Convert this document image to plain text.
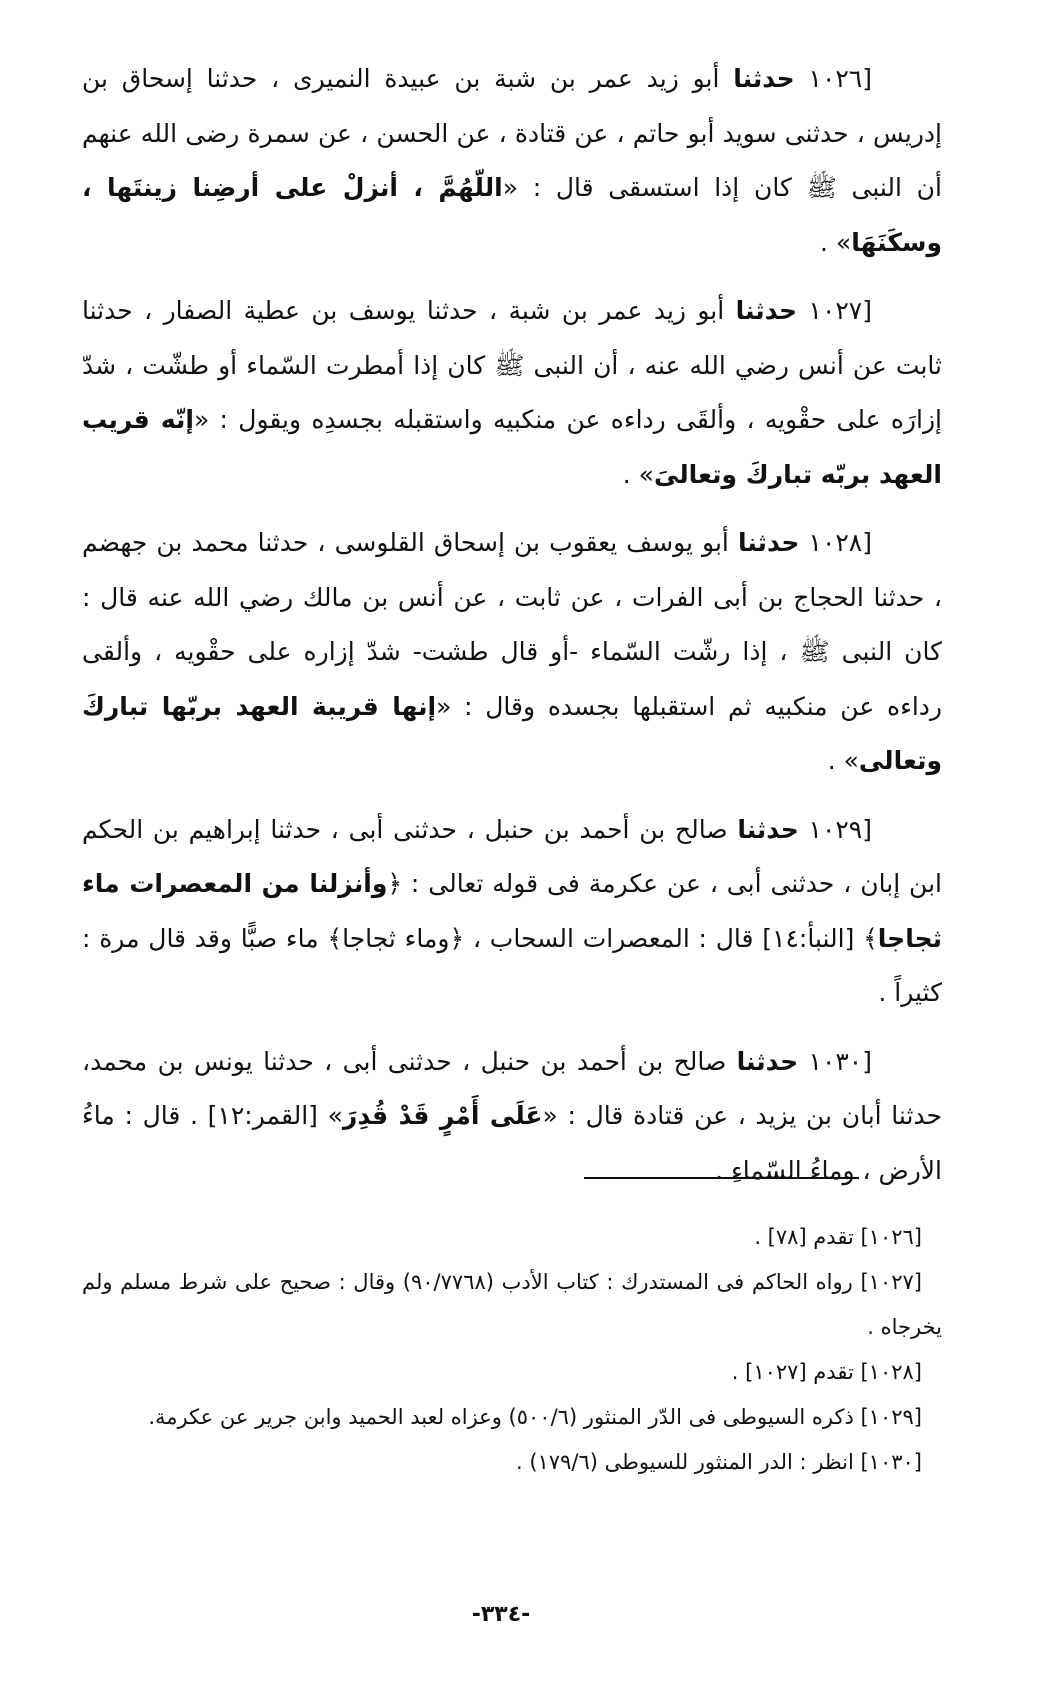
[١٠٢٦ حدثنا أبو زيد عمر بن شبة بن عبيدة النميرى ، حدثنا إسحاق بن إدريس ، حدثنى سويد أبو حاتم ، عن قتادة ، عن الحسن ، عن سمرة رضى الله عنهم أن النبى ﷺ كان إذا استسقى قال : «اللّهُمَّ ، أنزلْ على أرضِنا زينتَها ، وسكَنَهَا» .

[١٠٢٧ حدثنا أبو زيد عمر بن شبة ، حدثنا يوسف بن عطية الصفار ، حدثنا ثابت عن أنس رضي الله عنه ، أن النبى ﷺ كان إذا أمطرت السّماء أو طشّت ، شدّ إزارَه على حقْويه ، وألقَى رداءه عن منكبيه واستقبله بجسدِه ويقول : «إنّه قريب العهد بربّه تباركَ وتعالىَ» .

[١٠٢٨ حدثنا أبو يوسف يعقوب بن إسحاق القلوسى ، حدثنا محمد بن جهضم ، حدثنا الحجاج بن أبى الفرات ، عن ثابت ، عن أنس بن مالك رضي الله عنه قال : كان النبى ﷺ ، إذا رشّت السّماء -أو قال طشت- شدّ إزاره على حقْويه ، وألقى رداءه عن منكبيه ثم استقبلها بجسده وقال : «إنها قريبة العهد بربّها تباركَ وتعالى» .

[١٠٢٩ حدثنا صالح بن أحمد بن حنبل ، حدثنى أبى ، حدثنا إبراهيم بن الحكم ابن إبان ، حدثنى أبى ، عن عكرمة فى قوله تعالى : ﴿وأنزلنا من المعصرات ماء ثجاجا﴾ [النبأ:١٤] قال : المعصرات السحاب ، ﴿وماء ثجاجا﴾ ماء صبًّا وقد قال مرة : كثيراً .

[١٠٣٠ حدثنا صالح بن أحمد بن حنبل ، حدثنى أبى ، حدثنا يونس بن محمد، حدثنا أبان بن يزيد ، عن قتادة قال : «عَلَى أَمْرٍ قَدْ قُدِرَ» [القمر:١٢] . قال : ماءُ الأرض ، وماءُ السّماءِ .

[١٠٢٦] تقدم [٧٨] .

[١٠٢٧] رواه الحاكم فى المستدرك : كتاب الأدب (٩٠/٧٧٦٨) وقال : صحيح على شرط مسلم ولم يخرجاه .

[١٠٢٨] تقدم [١٠٢٧] .

[١٠٢٩] ذكره السيوطى فى الدّر المنثور (٥٠٠/٦) وعزاه لعبد الحميد وابن جرير عن عكرمة.

[١٠٣٠] انظر : الدر المنثور للسيوطى (١٧٩/٦) .

-٣٣٤-
